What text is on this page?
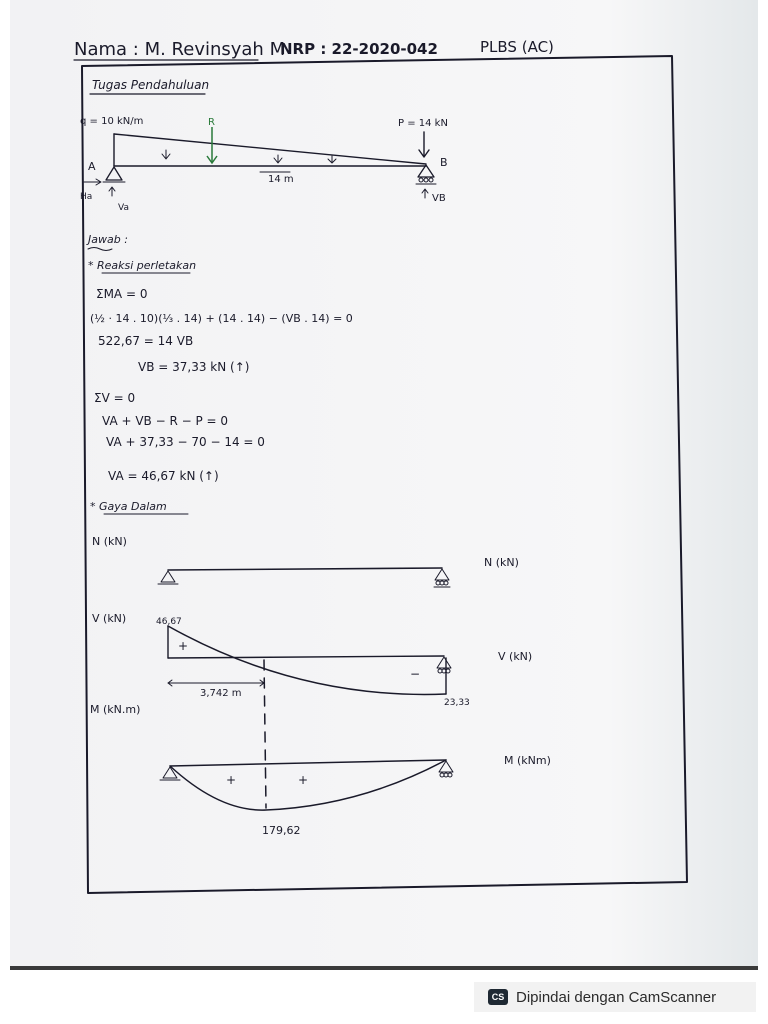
Nama : M. Revinsyah M
NRP : 22-2020-042	PLBS (AC)
Tugas Pendahuluan
q = 10 kN/m	R	P = 14 kN
A	B
Ha
Va
VB
14 m
Jawab :
* Reaksi perletakan
ΣMA = 0
(½ · 14 . 10)(⅓ . 14) + (14 . 14) − (VB . 14) = 0
522,67 = 14 VB
VB = 37,33 kN (↑)
ΣV = 0
VA + VB − R − P = 0
VA + 37,33 − 70 − 14 = 0
VA = 46,67 kN (↑)
* Gaya Dalam
N (kN)
N (kN)
V (kN)
V (kN)
46,67
23,33
3,742 m
+
−
M (kN.m)
M (kNm)
179,62
+	+
CS Dipindai dengan CamScanner
